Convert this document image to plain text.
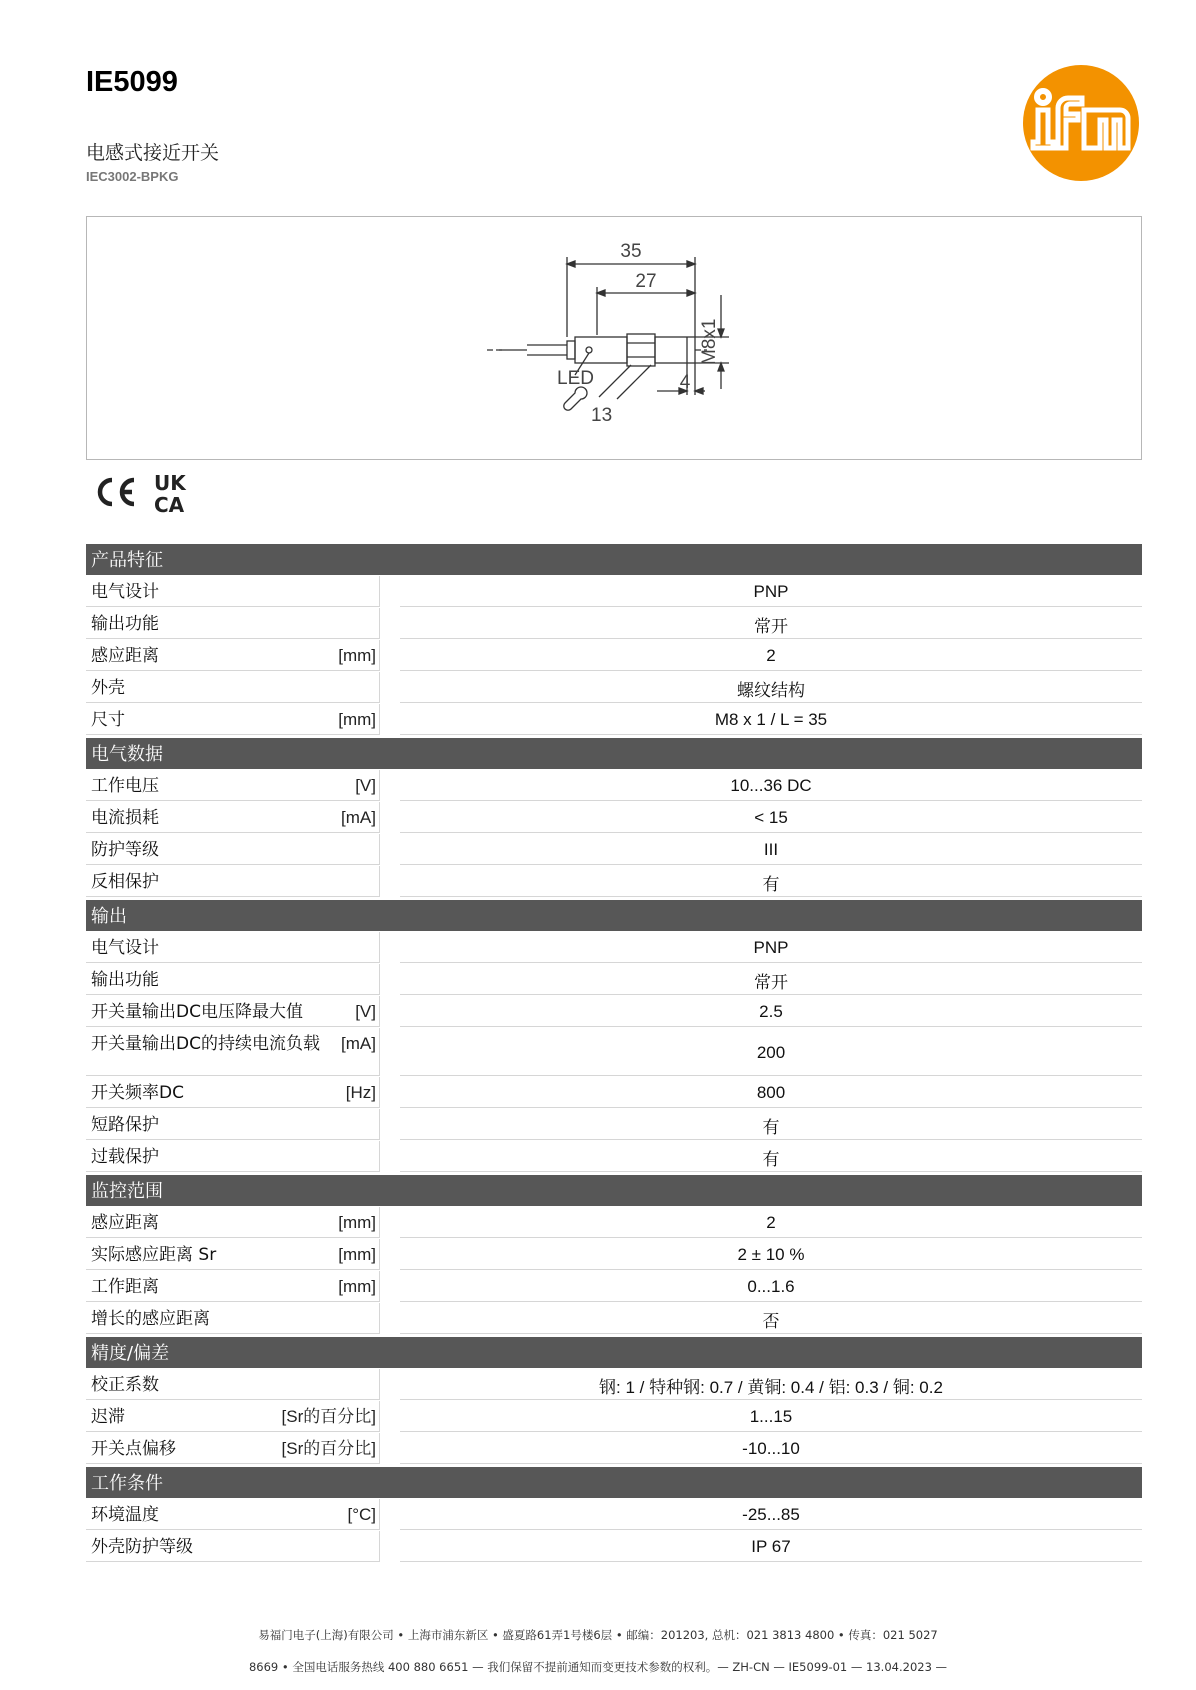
IE5099
电感式接近开关
IEC3002-BPKG
35
27
4
LED
13
M8x1
UK
CA
产品特征
电气设计	PNP
输出功能	常开
感应距离	[mm]	2
外壳	螺纹结构
尺寸	[mm]	M8 x 1 / L = 35
电气数据
工作电压	[V]	10...36 DC
电流损耗	[mA]	< 15
防护等级	III
反相保护	有
输出
电气设计	PNP
输出功能	常开
开关量输出DC电压降最大值	[V]	2.5
开关量输出DC的持续电流负载	[mA]	200
开关频率DC	[Hz]	800
短路保护	有
过载保护	有
监控范围
感应距离	[mm]	2
实际感应距离 Sr	[mm]	2 ± 10 %
工作距离	[mm]	0...1.6
增长的感应距离	否
精度/偏差
校正系数	钢: 1 / 特种钢: 0.7 / 黄铜: 0.4 / 铝: 0.3 / 铜: 0.2
迟滞	[Sr的百分比]	1...15
开关点偏移	[Sr的百分比]	-10...10
工作条件
环境温度	[°C]	-25...85
外壳防护等级	IP 67
易福门电子(上海)有限公司 • 上海市浦东新区 • 盛夏路61弄1号楼6层 • 邮编：201203, 总机：021 3813 4800 • 传真：021 5027
8669 • 全国电话服务热线 400 880 6651 — 我们保留不提前通知而变更技术参数的权利。— ZH-CN — IE5099-01 — 13.04.2023 —
